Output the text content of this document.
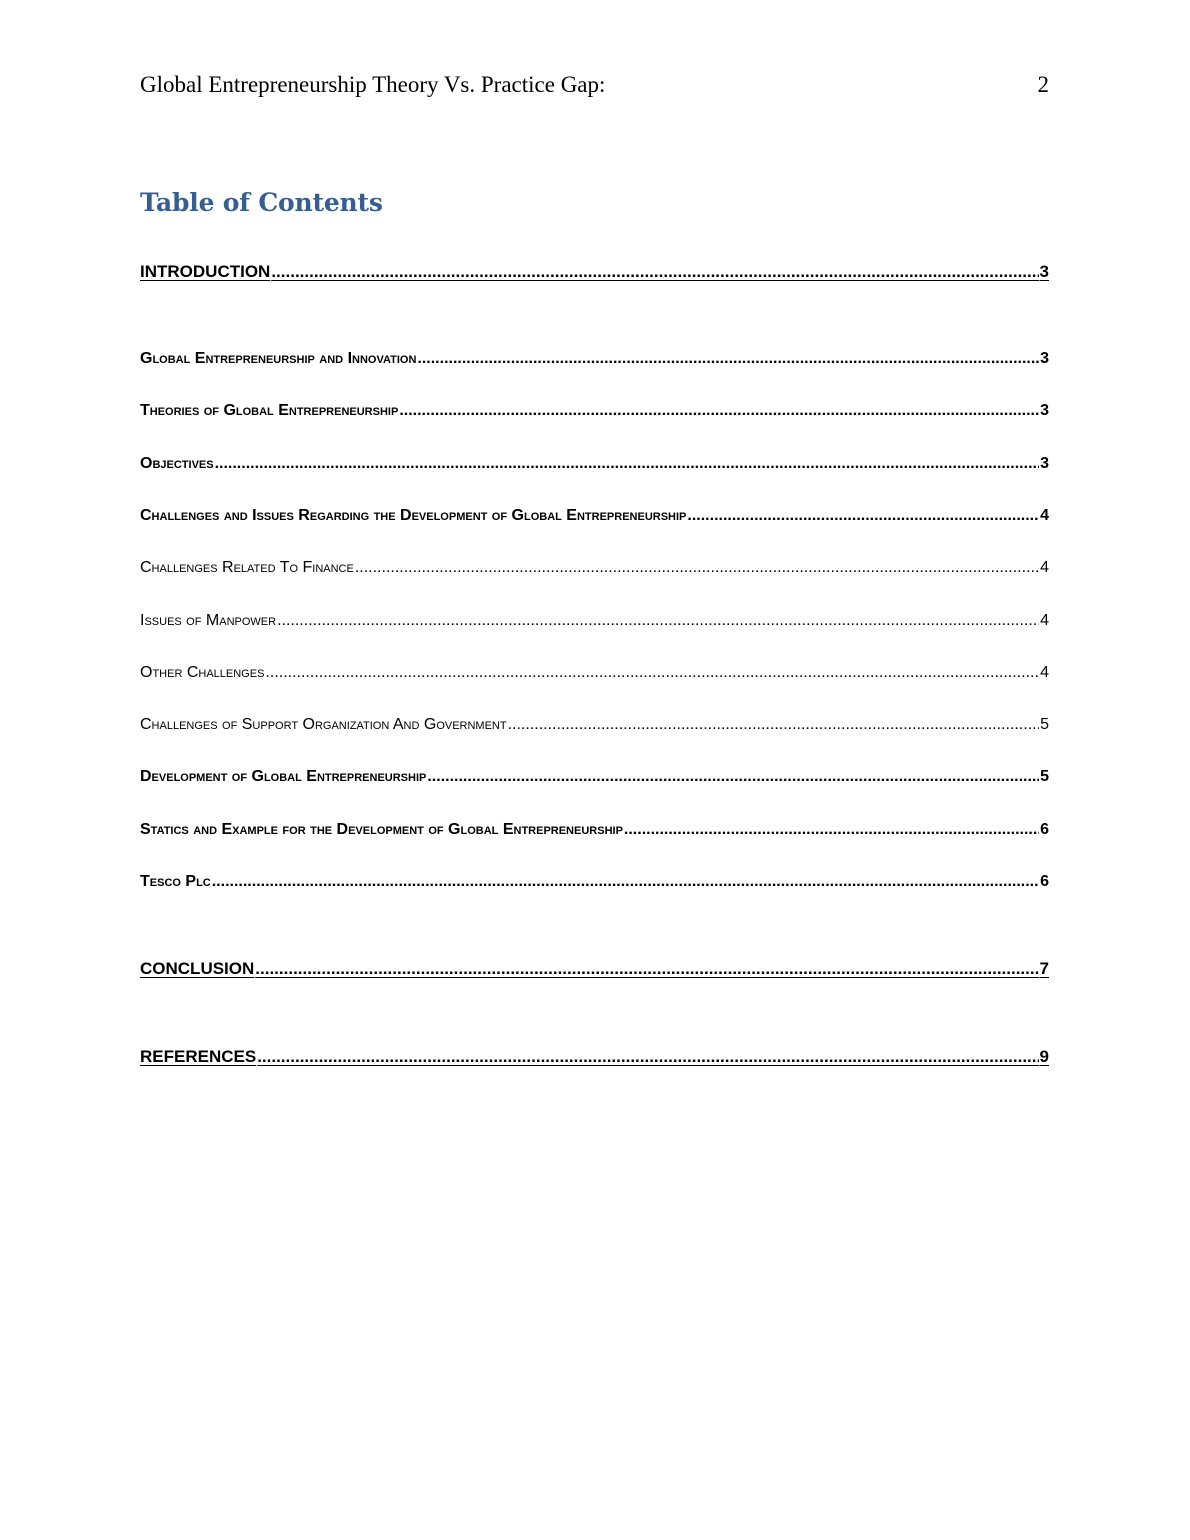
Global Entrepreneurship Theory Vs. Practice Gap:	2
Table of Contents
INTRODUCTION .....	3
Global Entrepreneurship and Innovation .....	3
Theories of Global Entrepreneurship .....	3
Objectives .....	3
Challenges and Issues Regarding the Development of Global Entrepreneurship .....	4
Challenges Related To Finance .....	4
Issues of Manpower .....	4
Other Challenges .....	4
Challenges of Support Organization And Government .....	5
Development of Global Entrepreneurship .....	5
Statics and Example for the Development of Global Entrepreneurship .....	6
Tesco Plc .....	6
CONCLUSION .....	7
REFERENCES .....	9
